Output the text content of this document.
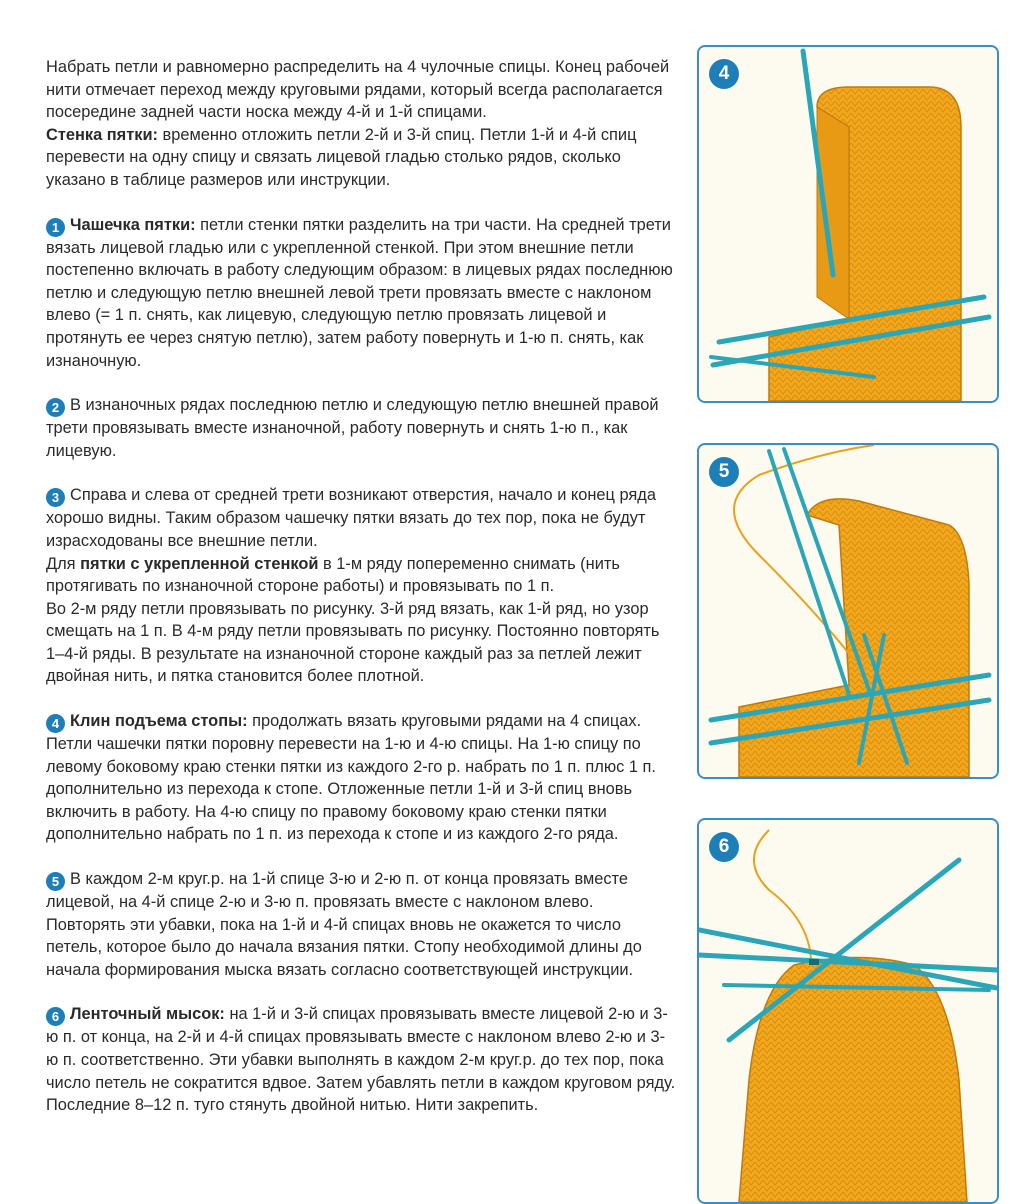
Набрать петли и равномерно распределить на 4 чулочные спицы. Конец рабочей нити отмечает переход между круговыми рядами, который всегда располагается посередине задней части носка между 4-й и 1-й спицами.

Стенка пятки: временно отложить петли 2-й и 3-й спиц. Петли 1-й и 4-й спиц перевести на одну спицу и связать лицевой гладью столько рядов, сколько указано в таблице размеров или инструкции.

1 Чашечка пятки: петли стенки пятки разделить на три части. На средней трети вязать лицевой гладью или с укрепленной стенкой. При этом внешние петли постепенно включать в работу следующим образом: в лицевых рядах последнюю петлю и следующую петлю внешней левой трети провязать вместе с наклоном влево (= 1 п. снять, как лицевую, следующую петлю провязать лицевой и протянуть ее через снятую петлю), затем работу повернуть и 1-ю п. снять, как изнаночную.

2 В изнаночных рядах последнюю петлю и следующую петлю внешней правой трети провязывать вместе изнаночной, работу повернуть и снять 1-ю п., как лицевую.

3 Справа и слева от средней трети возникают отверстия, начало и конец ряда хорошо видны. Таким образом чашечку пятки вязать до тех пор, пока не будут израсходованы все внешние петли.

Для пятки с укрепленной стенкой в 1-м ряду попеременно снимать (нить протягивать по изнаночной стороне работы) и провязывать по 1 п.

Во 2-м ряду петли провязывать по рисунку. 3-й ряд вязать, как 1-й ряд, но узор смещать на 1 п. В 4-м ряду петли провязывать по рисунку. Постоянно повторять 1–4-й ряды. В результате на изнаночной стороне каждый раз за петлей лежит двойная нить, и пятка становится более плотной.

4 Клин подъема стопы: продолжать вязать круговыми рядами на 4 спицах. Петли чашечки пятки поровну перевести на 1-ю и 4-ю спицы. На 1-ю спицу по левому боковому краю стенки пятки из каждого 2-го р. набрать по 1 п. плюс 1 п. дополнительно из перехода к стопе. Отложенные петли 1-й и 3-й спиц вновь включить в работу. На 4-ю спицу по правому боковому краю стенки пятки дополнительно набрать по 1 п. из перехода к стопе и из каждого 2-го ряда.

5 В каждом 2-м круг.р. на 1-й спице 3-ю и 2-ю п. от конца провязать вместе лицевой, на 4-й спице 2-ю и 3-ю п. провязать вместе с наклоном влево. Повторять эти убавки, пока на 1-й и 4-й спицах вновь не окажется то число петель, которое было до начала вязания пятки. Стопу необходимой длины до начала формирования мыска вязать согласно соответствующей инструкции.

6 Ленточный мысок: на 1-й и 3-й спицах провязывать вместе лицевой 2-ю и 3-ю п. от конца, на 2-й и 4-й спицах провязывать вместе с наклоном влево 2-ю и 3-ю п. соответственно. Эти убавки выполнять в каждом 2-м круг.р. до тех пор, пока число петель не сократится вдвое. Затем убавлять петли в каждом круговом ряду. Последние 8–12 п. туго стянуть двойной нитью. Нити закрепить.

4
5
6
